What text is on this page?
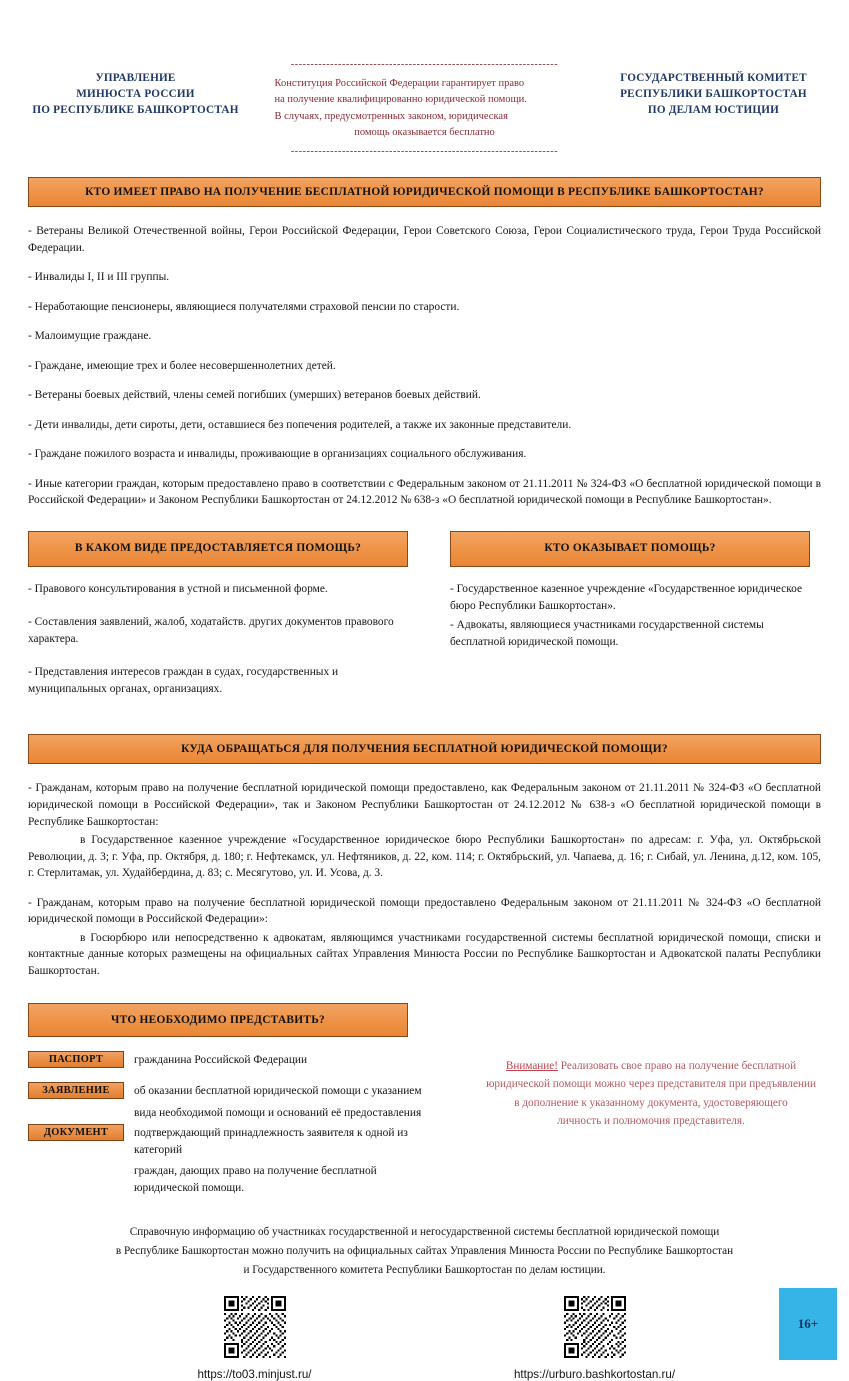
УПРАВЛЕНИЕ
МИНЮСТА РОССИИ
ПО РЕСПУБЛИКЕ БАШКОРТОСТАН
--------------------------------------------------------------------

Конституция Российской Федерации гарантирует право

на получение квалифицированно юридической помощи.

В случаях, предусмотренных законом, юридическая

помощь оказывается бесплатно

--------------------------------------------------------------------
ГОСУДАРСТВЕННЫЙ КОМИТЕТ
РЕСПУБЛИКИ БАШКОРТОСТАН
ПО ДЕЛАМ ЮСТИЦИИ
КТО ИМЕЕТ ПРАВО НА ПОЛУЧЕНИЕ БЕСПЛАТНОЙ ЮРИДИЧЕСКОЙ ПОМОЩИ В РЕСПУБЛИКЕ БАШКОРТОСТАН?

- Ветераны Великой Отечественной войны, Герои Российской Федерации, Герои Советского Союза, Герои Социалистического труда, Герои Труда Российской Федерации.

- Инвалиды I, II и III группы.

- Неработающие пенсионеры, являющиеся получателями страховой пенсии по старости.

- Малоимущие граждане.

- Граждане, имеющие трех и более несовершеннолетних детей.

- Ветераны боевых действий, члены семей погибших (умерших) ветеранов боевых действий.

- Дети инвалиды, дети сироты, дети, оставшиеся без попечения родителей, а также их законные представители.

- Граждане пожилого возраста и инвалиды, проживающие в организациях социального обслуживания.

- Иные категории граждан, которым предоставлено право в соответствии с Федеральным законом от 21.11.2011 № 324-ФЗ «О бесплатной юридической помощи в Российской Федерации» и Законом Республики Башкортостан от 24.12.2012 № 638-з «О бесплатной юридической помощи в Республике Башкортостан».

В КАКОМ ВИДЕ ПРЕДОСТАВЛЯЕТСЯ ПОМОЩЬ?

- Правового консультирования в устной и письменной форме.

- Составления заявлений, жалоб, ходатайств. других документов правового характера.

- Представления интересов граждан в судах, государственных и муниципальных органах, организациях.

КТО ОКАЗЫВАЕТ ПОМОЩЬ?

- Государственное казенное учреждение «Государственное юридическое бюро Республики Башкортостан».

- Адвокаты, являющиеся участниками государственной системы бесплатной юридической помощи.

КУДА ОБРАЩАТЬСЯ ДЛЯ ПОЛУЧЕНИЯ БЕСПЛАТНОЙ ЮРИДИЧЕСКОЙ ПОМОЩИ?

- Гражданам, которым право на получение бесплатной юридической помощи предоставлено, как Федеральным законом от 21.11.2011 № 324-ФЗ «О бесплатной юридической помощи в Российской Федерации», так и Законом Республики Башкортостан от 24.12.2012 № 638-з «О бесплатной юридической помощи в Республике Башкортостан:

в Государственное казенное учреждение «Государственное юридическое бюро Республики Башкортостан» по адресам: г. Уфа, ул. Октябрьской Революции, д. 3; г. Уфа, пр. Октября, д. 180; г. Нефтекамск, ул. Нефтяников, д. 22, ком. 114; г. Октябрьский, ул. Чапаева, д. 16; г. Сибай, ул. Ленина, д.12, ком. 105, г. Стерлитамак, ул. Худайбердина, д. 83; с. Месягутово, ул. И. Усова, д. 3.

- Гражданам, которым право на получение бесплатной юридической помощи предоставлено Федеральным законом от 21.11.2011 № 324-ФЗ «О бесплатной юридической помощи в Российской Федерации»:

в Госюрбюро или непосредственно к адвокатам, являющимся участниками государственной системы бесплатной юридической помощи, списки и контактные данные которых размещены на официальных сайтах Управления Минюста России по Республике Башкортостан и Адвокатской палаты Республики Башкортостан.

ЧТО НЕОБХОДИМО ПРЕДСТАВИТЬ?
ПАСПОРТ	гражданина Российской Федерации
ЗАЯВЛЕНИЕ об оказании бесплатной юридической помощи с указанием
вида необходимой помощи и оснований её предоставления
ДОКУМЕНТ подтверждающий принадлежность заявителя к одной из категорий
граждан, дающих право на получение бесплатной юридической помощи.

Внимание! Реализовать свое право на получение бесплатной

юридической помощи можно через представителя при предъявлении

в дополнение к указанному документа, удостоверяющего

личность и полномочия представителя.

Справочную информацию об участниках государственной и негосударственной системы бесплатной юридической помощи

в Республике Башкортостан можно получить на официальных сайтах Управления Минюста России по Республике Башкортостан

и Государственного комитета Республики Башкортостан по делам юстиции.

https://to03.minjust.ru/	https://urburo.bashkortostan.ru/
16+
